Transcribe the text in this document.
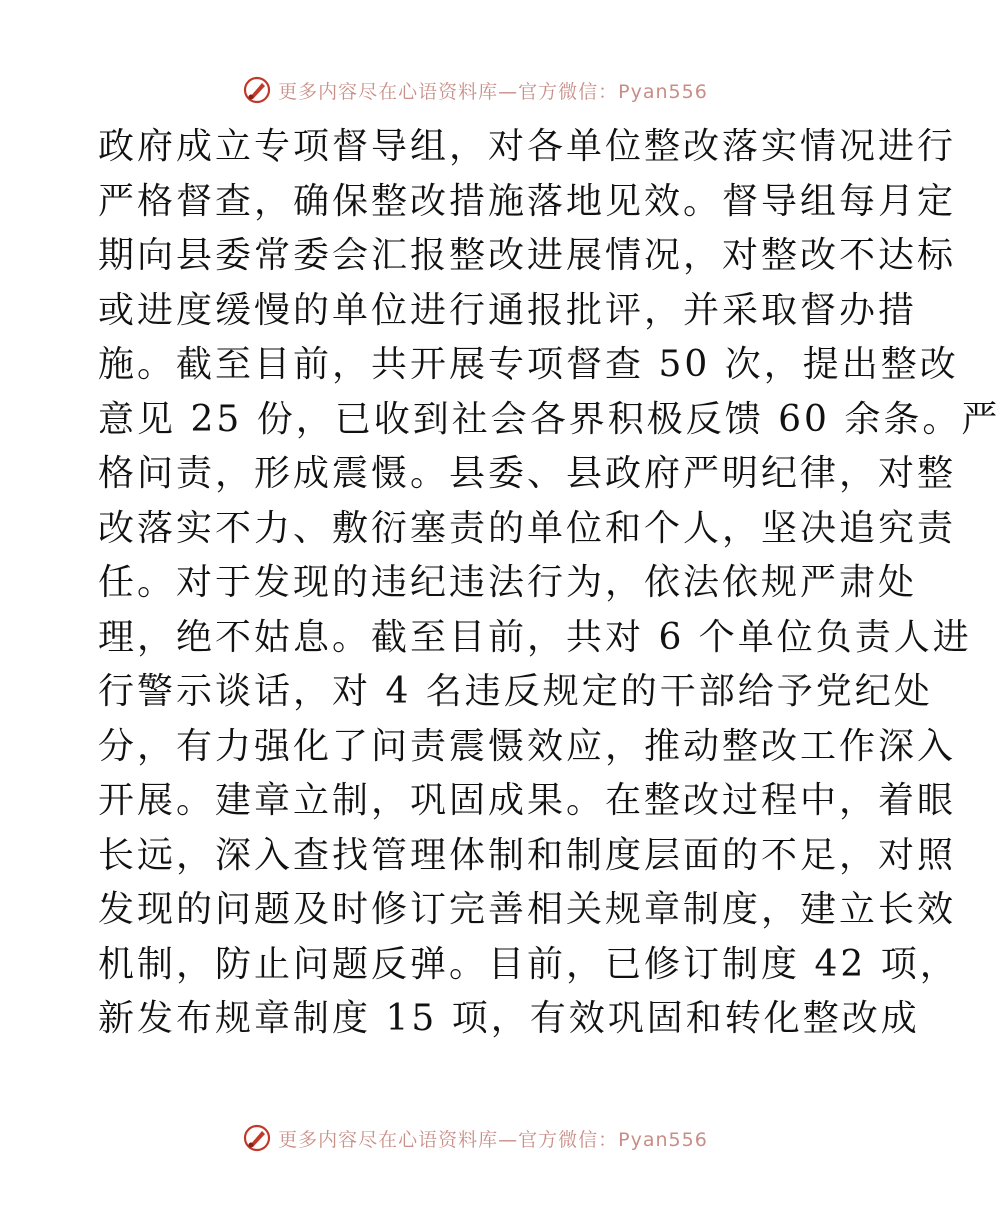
更多内容尽在心语资料库—官方微信：Pyan556
政府成立专项督导组，对各单位整改落实情况进行
严格督查，确保整改措施落地见效。督导组每月定
期向县委常委会汇报整改进展情况，对整改不达标
或进度缓慢的单位进行通报批评，并采取督办措
施。截至目前，共开展专项督查 50 次，提出整改
意见 25 份，已收到社会各界积极反馈 60 余条。严
格问责，形成震慑。县委、县政府严明纪律，对整
改落实不力、敷衍塞责的单位和个人，坚决追究责
任。对于发现的违纪违法行为，依法依规严肃处
理，绝不姑息。截至目前，共对 6 个单位负责人进
行警示谈话，对 4 名违反规定的干部给予党纪处
分，有力强化了问责震慑效应，推动整改工作深入
开展。建章立制，巩固成果。在整改过程中，着眼
长远，深入查找管理体制和制度层面的不足，对照
发现的问题及时修订完善相关规章制度，建立长效
机制，防止问题反弹。目前，已修订制度 42 项，
新发布规章制度 15 项，有效巩固和转化整改成
更多内容尽在心语资料库—官方微信：Pyan556
